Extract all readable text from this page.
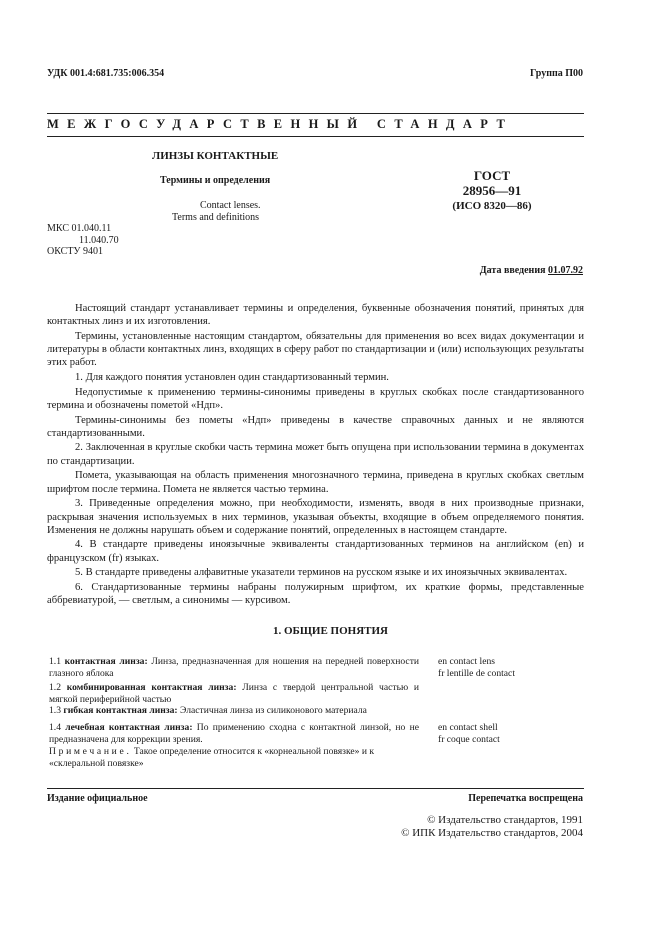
УДК 001.4:681.735:006.354	Группа П00
МЕЖГОСУДАРСТВЕННЫЙ СТАНДАРТ
ЛИНЗЫ КОНТАКТНЫЕ
Термины и определения
Contact lenses.
Terms and definitions
ГОСТ
28956—91
(ИСО 8320—86)
МКС 01.040.11
11.040.70
ОКСТУ 9401
Дата введения 01.07.92

Настоящий стандарт устанавливает термины и определения, буквенные обозначения понятий, принятых для контактных линз и их изготовления.

Термины, установленные настоящим стандартом, обязательны для применения во всех видах документации и литературы в области контактных линз, входящих в сферу работ по стандартизации и (или) использующих результаты этих работ.

1. Для каждого понятия установлен один стандартизованный термин.

Недопустимые к применению термины-синонимы приведены в круглых скобках после стандартизованного термина и обозначены пометой «Ндп».

Термины-синонимы без пометы «Ндп» приведены в качестве справочных данных и не являются стандартизованными.

2. Заключенная в круглые скобки часть термина может быть опущена при использовании термина в документах по стандартизации.

Помета, указывающая на область применения многозначного термина, приведена в круглых скобках светлым шрифтом после термина. Помета не является частью термина.

3. Приведенные определения можно, при необходимости, изменять, вводя в них производные признаки, раскрывая значения используемых в них терминов, указывая объекты, входящие в объем определяемого понятия. Изменения не должны нарушать объем и содержание понятий, определенных в настоящем стандарте.

4. В стандарте приведены иноязычные эквиваленты стандартизованных терминов на английском (en) и французском (fr) языках.

5. В стандарте приведены алфавитные указатели терминов на русском языке и их иноязычных эквивалентах.

6. Стандартизованные термины набраны полужирным шрифтом, их краткие формы, представленные аббревиатурой, — светлым, а синонимы — курсивом.

1. ОБЩИЕ ПОНЯТИЯ
1.1 контактная линза: Линза, предназначенная для ношения на передней поверхности глазного яблока
en contact lens
fr lentille de contact
1.2 комбинированная контактная линза: Линза с твердой центральной частью и мягкой периферийной частью
1.3 гибкая контактная линза: Эластичная линза из силиконового материала
1.4 лечебная контактная линза: По применению сходна с контактной линзой, но не предназначена для коррекции зрения.
en contact shell
fr coque contact
Примечание. Такое определение относится к «корнеальной повязке» и к «склеральной повязке»
Издание официальное	Перепечатка воспрещена
© Издательство стандартов, 1991
© ИПК Издательство стандартов, 2004
